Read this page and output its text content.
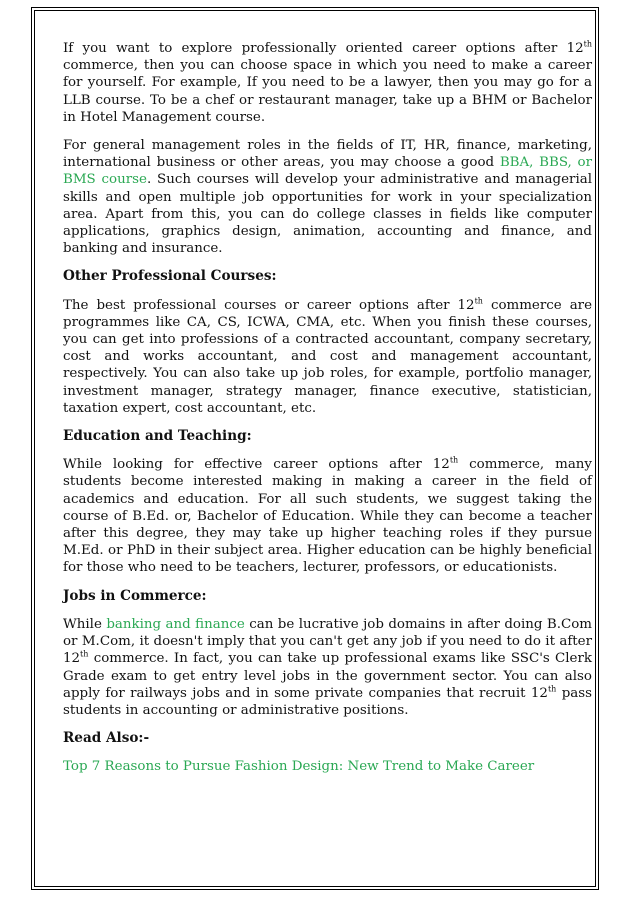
If you want to explore professionally oriented career options after 12th commerce, then you can choose space in which you need to make a career for yourself. For example, If you need to be a lawyer, then you may go for a LLB course. To be a chef or restaurant manager, take up a BHM or Bachelor in Hotel Management course.

For general management roles in the fields of IT, HR, finance, marketing, international business or other areas, you may choose a good BBA, BBS, or BMS course. Such courses will develop your administrative and managerial skills and open multiple job opportunities for work in your specialization area. Apart from this, you can do college classes in fields like computer applications, graphics design, animation, accounting and finance, and banking and insurance.

Other Professional Courses:

The best professional courses or career options after 12th commerce are programmes like CA, CS, ICWA, CMA, etc. When you finish these courses, you can get into professions of a contracted accountant, company secretary, cost and works accountant, and cost and management accountant, respectively. You can also take up job roles, for example, portfolio manager, investment manager, strategy manager, finance executive, statistician, taxation expert, cost accountant, etc.

Education and Teaching:

While looking for effective career options after 12th commerce, many students become interested making in making a career in the field of academics and education. For all such students, we suggest taking the course of B.Ed. or, Bachelor of Education. While they can become a teacher after this degree, they may take up higher teaching roles if they pursue M.Ed. or PhD in their subject area. Higher education can be highly beneficial for those who need to be teachers, lecturer, professors, or educationists.

Jobs in Commerce:

While banking and finance can be lucrative job domains in after doing B.Com or M.Com, it doesn't imply that you can't get any job if you need to do it after 12th commerce. In fact, you can take up professional exams like SSC's Clerk Grade exam to get entry level jobs in the government sector. You can also apply for railways jobs and in some private companies that recruit 12th pass students in accounting or administrative positions.

Read Also:-

Top 7 Reasons to Pursue Fashion Design: New Trend to Make Career
